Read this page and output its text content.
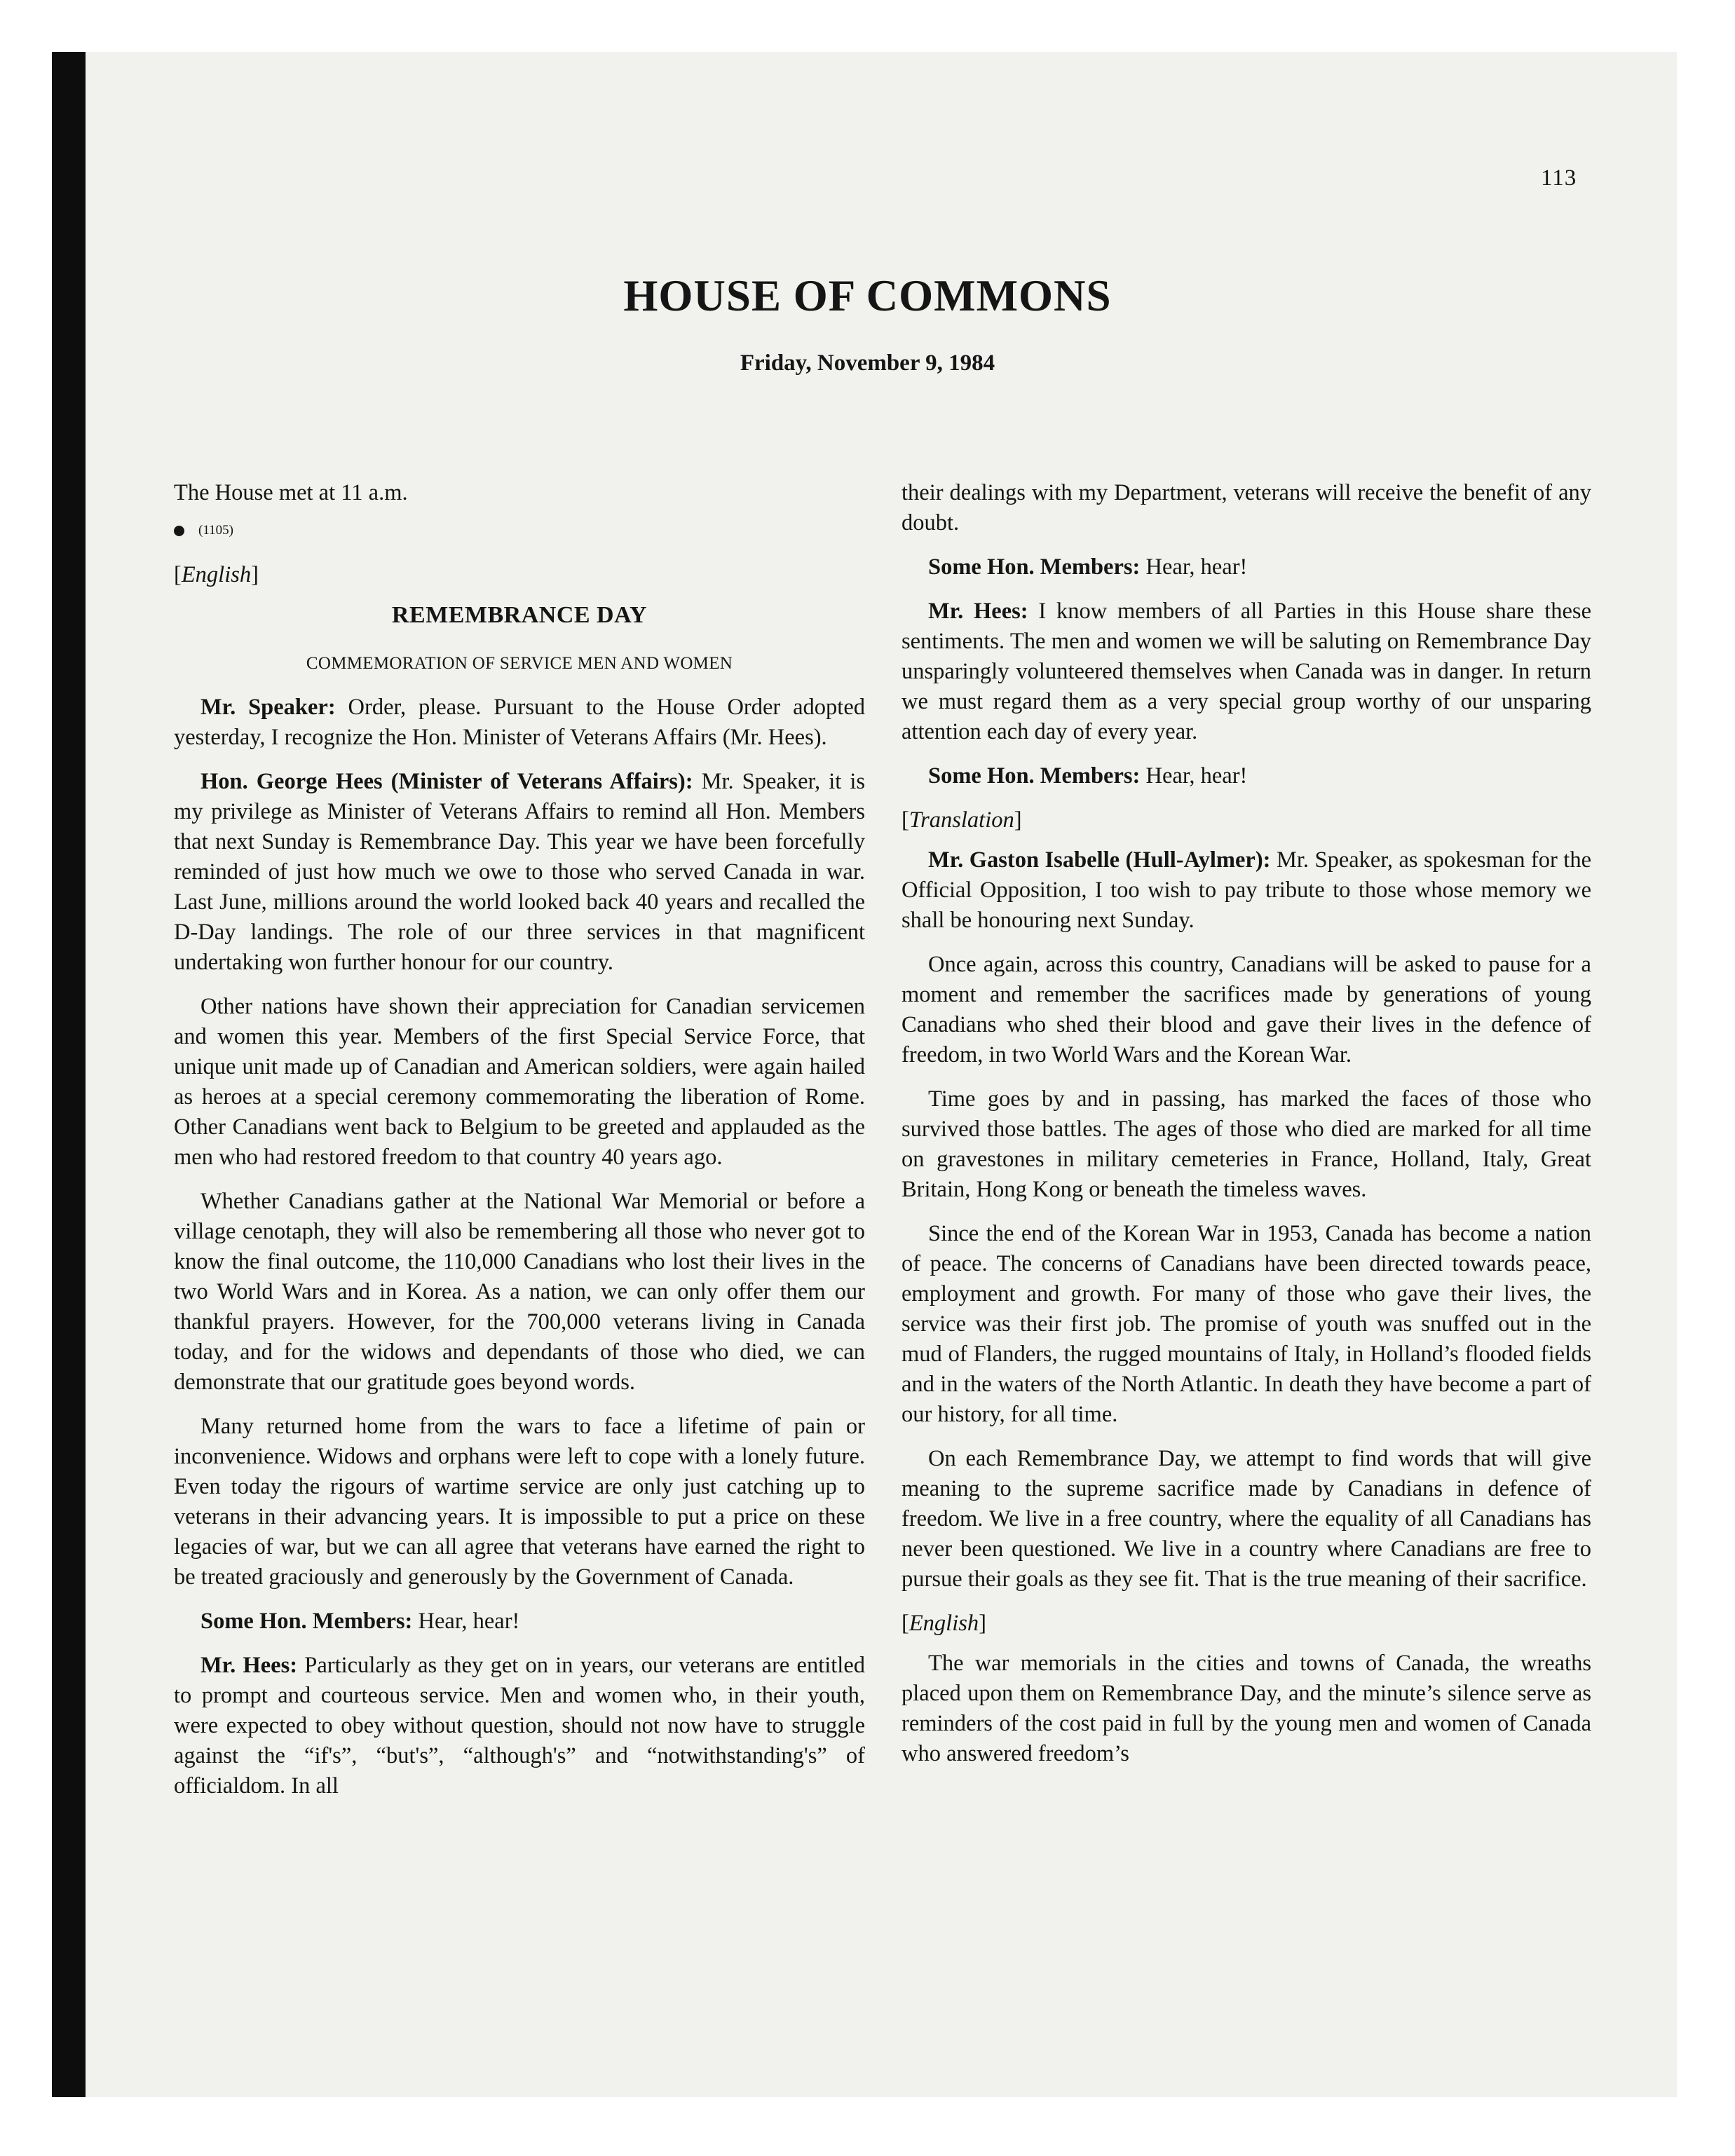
113
HOUSE OF COMMONS
Friday, November 9, 1984

The House met at 11 a.m.

(1105)

[English]

REMEMBRANCE DAY
COMMEMORATION OF SERVICE MEN AND WOMEN

Mr. Speaker: Order, please. Pursuant to the House Order adopted yesterday, I recognize the Hon. Minister of Veterans Affairs (Mr. Hees).

Hon. George Hees (Minister of Veterans Affairs): Mr. Speaker, it is my privilege as Minister of Veterans Affairs to remind all Hon. Members that next Sunday is Remembrance Day. This year we have been forcefully reminded of just how much we owe to those who served Canada in war. Last June, millions around the world looked back 40 years and recalled the D-Day landings. The role of our three services in that magnificent undertaking won further honour for our country.

Other nations have shown their appreciation for Canadian servicemen and women this year. Members of the first Special Service Force, that unique unit made up of Canadian and American soldiers, were again hailed as heroes at a special ceremony commemorating the liberation of Rome. Other Canadians went back to Belgium to be greeted and applauded as the men who had restored freedom to that country 40 years ago.

Whether Canadians gather at the National War Memorial or before a village cenotaph, they will also be remembering all those who never got to know the final outcome, the 110,000 Canadians who lost their lives in the two World Wars and in Korea. As a nation, we can only offer them our thankful prayers. However, for the 700,000 veterans living in Canada today, and for the widows and dependants of those who died, we can demonstrate that our gratitude goes beyond words.

Many returned home from the wars to face a lifetime of pain or inconvenience. Widows and orphans were left to cope with a lonely future. Even today the rigours of wartime service are only just catching up to veterans in their advancing years. It is impossible to put a price on these legacies of war, but we can all agree that veterans have earned the right to be treated graciously and generously by the Government of Canada.

Some Hon. Members: Hear, hear!

Mr. Hees: Particularly as they get on in years, our veterans are entitled to prompt and courteous service. Men and women who, in their youth, were expected to obey without question, should not now have to struggle against the “if's”, “but's”, “although's” and “notwithstanding's” of officialdom. In all

their dealings with my Department, veterans will receive the benefit of any doubt.

Some Hon. Members: Hear, hear!

Mr. Hees: I know members of all Parties in this House share these sentiments. The men and women we will be saluting on Remembrance Day unsparingly volunteered themselves when Canada was in danger. In return we must regard them as a very special group worthy of our unsparing attention each day of every year.

Some Hon. Members: Hear, hear!

[Translation]

Mr. Gaston Isabelle (Hull-Aylmer): Mr. Speaker, as spokesman for the Official Opposition, I too wish to pay tribute to those whose memory we shall be honouring next Sunday.

Once again, across this country, Canadians will be asked to pause for a moment and remember the sacrifices made by generations of young Canadians who shed their blood and gave their lives in the defence of freedom, in two World Wars and the Korean War.

Time goes by and in passing, has marked the faces of those who survived those battles. The ages of those who died are marked for all time on gravestones in military cemeteries in France, Holland, Italy, Great Britain, Hong Kong or beneath the timeless waves.

Since the end of the Korean War in 1953, Canada has become a nation of peace. The concerns of Canadians have been directed towards peace, employment and growth. For many of those who gave their lives, the service was their first job. The promise of youth was snuffed out in the mud of Flanders, the rugged mountains of Italy, in Holland’s flooded fields and in the waters of the North Atlantic. In death they have become a part of our history, for all time.

On each Remembrance Day, we attempt to find words that will give meaning to the supreme sacrifice made by Canadians in defence of freedom. We live in a free country, where the equality of all Canadians has never been questioned. We live in a country where Canadians are free to pursue their goals as they see fit. That is the true meaning of their sacrifice.

[English]

The war memorials in the cities and towns of Canada, the wreaths placed upon them on Remembrance Day, and the minute’s silence serve as reminders of the cost paid in full by the young men and women of Canada who answered freedom’s
